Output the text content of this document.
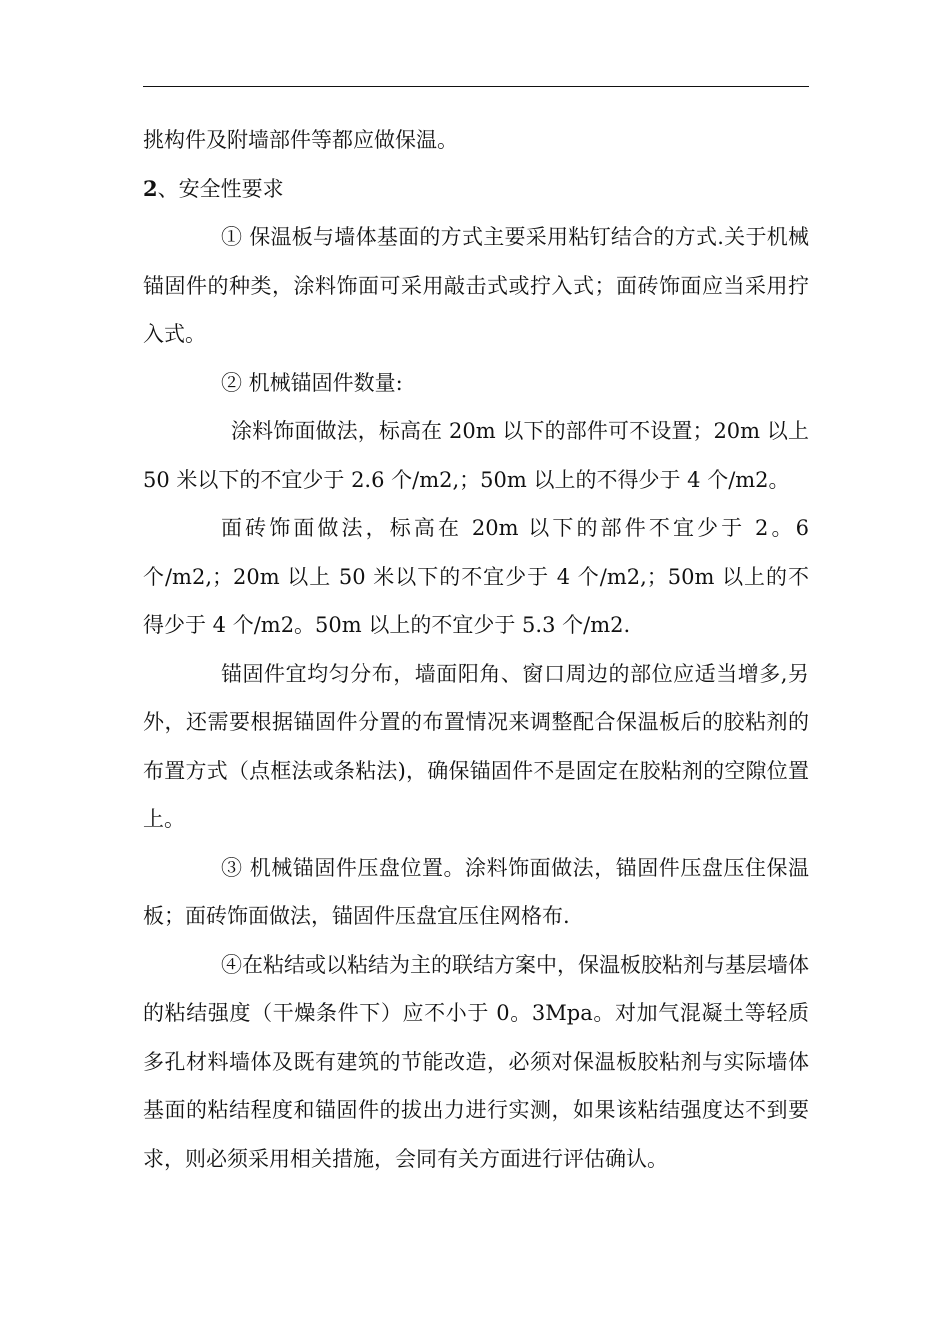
挑构件及附墙部件等都应做保温。

2、安全性要求

① 保温板与墙体基面的方式主要采用粘钉结合的方式.关于机械锚固件的种类，涂料饰面可采用敲击式或拧入式；面砖饰面应当采用拧入式。

② 机械锚固件数量:

涂料饰面做法，标高在 20m 以下的部件可不设置；20m 以上 50 米以下的不宜少于 2.6 个/m2,；50m 以上的不得少于 4 个/m2。

面砖饰面做法，标高在 20m 以下的部件不宜少于 2。6 个/m2,；20m 以上 50 米以下的不宜少于 4 个/m2,；50m 以上的不得少于 4 个/m2。50m 以上的不宜少于 5.3 个/m2.

锚固件宜均匀分布，墙面阳角、窗口周边的部位应适当增多,另外，还需要根据锚固件分置的布置情况来调整配合保温板后的胶粘剂的布置方式（点框法或条粘法)，确保锚固件不是固定在胶粘剂的空隙位置上。

③ 机械锚固件压盘位置。涂料饰面做法，锚固件压盘压住保温板；面砖饰面做法，锚固件压盘宜压住网格布.

④在粘结或以粘结为主的联结方案中，保温板胶粘剂与基层墙体的粘结强度（干燥条件下）应不小于 0。3Mpa。对加气混凝土等轻质多孔材料墙体及既有建筑的节能改造，必须对保温板胶粘剂与实际墙体基面的粘结程度和锚固件的拔出力进行实测，如果该粘结强度达不到要求，则必须采用相关措施，会同有关方面进行评估确认。
